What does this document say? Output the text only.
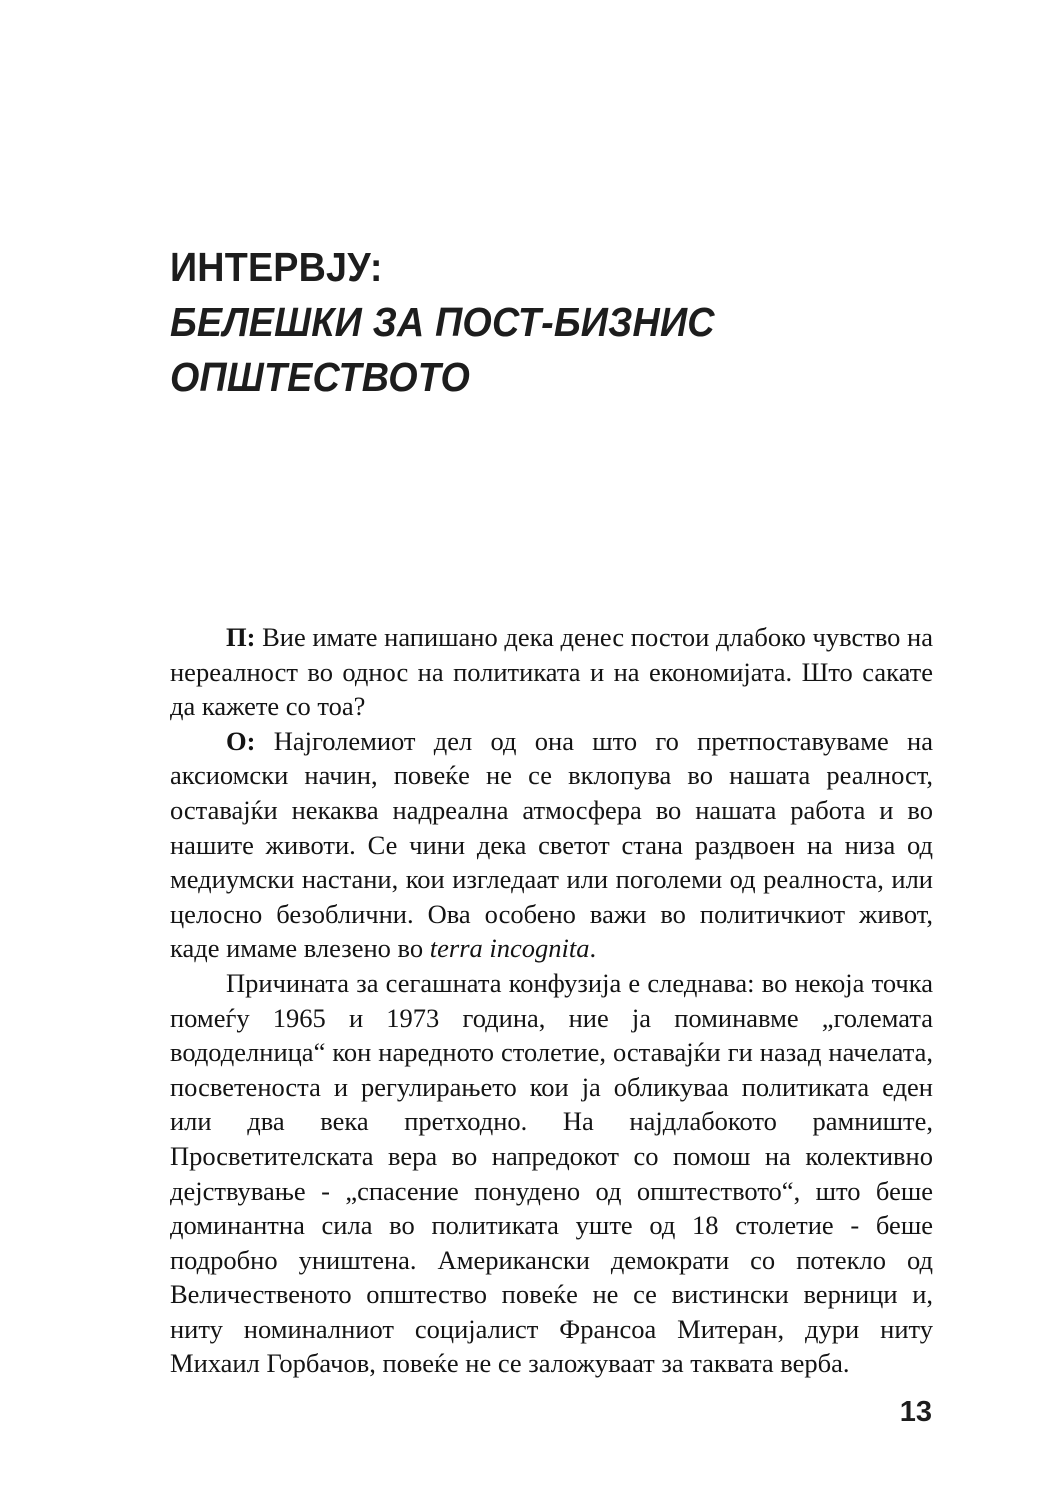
ИНТЕРВЈУ:
БЕЛЕШКИ ЗА ПОСТ-БИЗНИС
ОПШТЕСТВОТО

П: Вие имате напишано дека денес постои длабоко чувство на нереалност во однос на политиката и на економијата. Што сакате да кажете со тоа?

О: Најголемиот дел од она што го претпоставуваме на аксиомски начин, повеќе не се вклопува во нашата реалност, оставајќи некаква надреална атмосфера во нашата работа и во нашите животи. Се чини дека светот стана раздвоен на низа од медиумски настани, кои изгледаат или поголеми од реалноста, или целосно безоблични. Ова особено важи во политичкиот живот, каде имаме влезено во terra incognita.

Причината за сегашната конфузија е следнава: во некоја точка помеѓу 1965 и 1973 година, ние ја поминавме „големата вододелница“ кон наредното столетие, оставајќи ги назад начелата, посветеноста и регулирањето кои ја обликуваа политиката еден или два века претходно. На најдлабокото рамниште, Просветителската вера во напредокот со помош на колективно дејствување - „спасение понудено од општеството“, што беше доминантна сила во политиката уште од 18 столетие - беше подробно уништена. Американски демократи со потекло од Величественото општество повеќе не се вистински верници и, ниту номиналниот социјалист Франсоа Митеран, дури ниту Михаил Горбачов, повеќе не се заложуваат за таквата верба.

13
